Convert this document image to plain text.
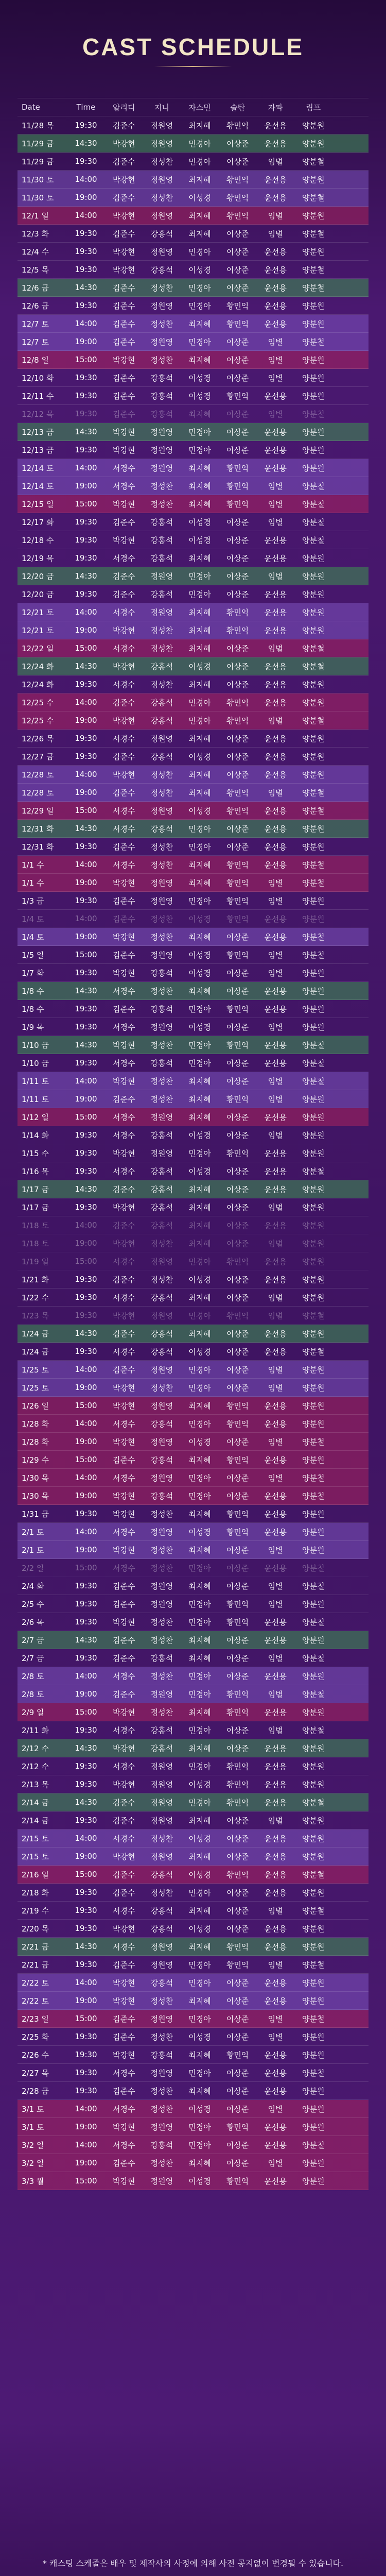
CAST SCHEDULE
Date	Time	알리디	지니	자스민	술탄	자파	림프
11/28 목	19:30	김준수	정원영	최지혜	황민익	윤선용	양분원
11/29 금	14:30	박강현	정원영	민경아	이상준	윤선용	양분원
11/29 금	19:30	김준수	정성찬	민경아	이상준	임별	양분철
11/30 토	14:00	박강현	정원영	최지혜	황민익	윤선용	양분원
11/30 토	19:00	김준수	정성찬	이성경	황민익	윤선용	양분철
12/1 일	14:00	박강현	정원영	최지혜	황민익	임별	양분원
12/3 화	19:30	김준수	강홍석	최지혜	이상준	임별	양분철
12/4 수	19:30	박강현	정원영	민경아	이상준	윤선용	양분원
12/5 목	19:30	박강현	강홍석	이성경	이상준	윤선용	양분철
12/6 금	14:30	김준수	정성찬	민경아	이상준	윤선용	양분철
12/6 금	19:30	김준수	정원영	민경아	황민익	윤선용	양분원
12/7 토	14:00	김준수	정성찬	최지혜	황민익	윤선용	양분원
12/7 토	19:00	김준수	정원영	민경아	이상준	임별	양분철
12/8 일	15:00	박강현	정성찬	최지혜	이상준	임별	양분원
12/10 화	19:30	김준수	강홍석	이성경	이상준	임별	양분원
12/11 수	19:30	김준수	강홍석	이성경	황민익	윤선용	양분원
12/12 목	19:30	김준수	강홍석	최지혜	이상준	임별	양분철
12/13 금	14:30	박강현	정원영	민경아	이상준	윤선용	양분원
12/13 금	19:30	박강현	정원영	민경아	이상준	윤선용	양분원
12/14 토	14:00	서경수	정원영	최지혜	황민익	윤선용	양분원
12/14 토	19:00	서경수	정성찬	최지혜	황민익	임별	양분철
12/15 일	15:00	박강현	정성찬	최지혜	황민익	임별	양분철
12/17 화	19:30	김준수	강홍석	이성경	이상준	임별	양분철
12/18 수	19:30	박강현	강홍석	이성경	이상준	윤선용	양분철
12/19 목	19:30	서경수	강홍석	최지혜	이상준	윤선용	양분원
12/20 금	14:30	김준수	정원영	민경아	이상준	임별	양분원
12/20 금	19:30	김준수	강홍석	민경아	이상준	윤선용	양분원
12/21 토	14:00	서경수	정원영	최지혜	황민익	윤선용	양분원
12/21 토	19:00	박강현	정성찬	최지혜	황민익	윤선용	양분원
12/22 일	15:00	서경수	정성찬	최지혜	이상준	임별	양분철
12/24 화	14:30	박강현	강홍석	이성경	이상준	윤선용	양분철
12/24 화	19:30	서경수	정성찬	최지혜	이상준	윤선용	양분원
12/25 수	14:00	김준수	강홍석	민경아	황민익	윤선용	양분원
12/25 수	19:00	박강현	강홍석	민경아	황민익	임별	양분철
12/26 목	19:30	서경수	정원영	최지혜	이상준	윤선용	양분원
12/27 금	19:30	김준수	강홍석	이성경	이상준	윤선용	양분원
12/28 토	14:00	박강현	정성찬	최지혜	이상준	윤선용	양분원
12/28 토	19:00	김준수	정성찬	최지혜	황민익	임별	양분철
12/29 일	15:00	서경수	정원영	이성경	황민익	윤선용	양분철
12/31 화	14:30	서경수	강홍석	민경아	이상준	윤선용	양분원
12/31 화	19:30	김준수	정성찬	민경아	이상준	윤선용	양분원
1/1 수	14:00	서경수	정성찬	최지혜	황민익	윤선용	양분철
1/1 수	19:00	박강현	정원영	최지혜	황민익	임별	양분철
1/3 금	19:30	김준수	정원영	민경아	황민익	임별	양분원
1/4 토	14:00	김준수	정성찬	이성경	황민익	윤선용	양분원
1/4 토	19:00	박강현	정성찬	최지혜	이상준	윤선용	양분철
1/5 일	15:00	김준수	정원영	이성경	황민익	임별	양분철
1/7 화	19:30	박강현	강홍석	이성경	이상준	임별	양분원
1/8 수	14:30	서경수	정성찬	최지혜	이상준	윤선용	양분원
1/8 수	19:30	김준수	강홍석	민경아	황민익	윤선용	양분원
1/9 목	19:30	서경수	정원영	이성경	이상준	임별	양분원
1/10 금	14:30	박강현	정성찬	민경아	황민익	윤선용	양분철
1/10 금	19:30	서경수	강홍석	민경아	이상준	윤선용	양분철
1/11 토	14:00	박강현	정성찬	최지혜	이상준	임별	양분철
1/11 토	19:00	김준수	정성찬	최지혜	황민익	임별	양분원
1/12 일	15:00	서경수	정원영	최지혜	이상준	윤선용	양분원
1/14 화	19:30	서경수	강홍석	이성경	이상준	임별	양분원
1/15 수	19:30	박강현	정원영	민경아	황민익	윤선용	양분원
1/16 목	19:30	서경수	강홍석	이성경	이상준	윤선용	양분철
1/17 금	14:30	김준수	강홍석	최지혜	이상준	윤선용	양분원
1/17 금	19:30	박강현	강홍석	최지혜	이상준	임별	양분원
1/18 토	14:00	김준수	강홍석	최지혜	이상준	윤선용	양분원
1/18 토	19:00	박강현	정성찬	최지혜	이상준	임별	양분원
1/19 일	15:00	서경수	정원영	민경아	황민익	윤선용	양분원
1/21 화	19:30	김준수	정성찬	이성경	이상준	윤선용	양분원
1/22 수	19:30	서경수	강홍석	최지혜	이상준	임별	양분원
1/23 목	19:30	박강현	정원영	민경아	황민익	임별	양분철
1/24 금	14:30	김준수	강홍석	최지혜	이상준	윤선용	양분원
1/24 금	19:30	서경수	강홍석	이성경	이상준	윤선용	양분철
1/25 토	14:00	김준수	정원영	민경아	이상준	임별	양분원
1/25 토	19:00	박강현	정성찬	민경아	이상준	임별	양분원
1/26 일	15:00	박강현	정원영	최지혜	황민익	윤선용	양분원
1/28 화	14:00	서경수	강홍석	민경아	황민익	윤선용	양분원
1/28 화	19:00	박강현	정원영	이성경	이상준	임별	양분철
1/29 수	15:00	김준수	강홍석	최지혜	황민익	윤선용	양분원
1/30 목	14:00	서경수	정원영	민경아	이상준	임별	양분철
1/30 목	19:00	박강현	강홍석	민경아	이상준	윤선용	양분철
1/31 금	19:30	박강현	정성찬	최지혜	황민익	윤선용	양분원
2/1 토	14:00	서경수	정원영	이성경	황민익	윤선용	양분원
2/1 토	19:00	박강현	정성찬	최지혜	이상준	임별	양분원
2/2 일	15:00	서경수	정성찬	민경아	이상준	윤선용	양분철
2/4 화	19:30	김준수	정원영	최지혜	이상준	임별	양분철
2/5 수	19:30	김준수	정원영	민경아	황민익	임별	양분원
2/6 목	19:30	박강현	정성찬	민경아	황민익	윤선용	양분철
2/7 금	14:30	김준수	정성찬	최지혜	이상준	윤선용	양분원
2/7 금	19:30	김준수	강홍석	최지혜	이상준	임별	양분철
2/8 토	14:00	서경수	정성찬	민경아	이상준	윤선용	양분원
2/8 토	19:00	김준수	정원영	민경아	황민익	임별	양분철
2/9 일	15:00	박강현	정성찬	최지혜	황민익	윤선용	양분원
2/11 화	19:30	서경수	강홍석	민경아	이상준	임별	양분철
2/12 수	14:30	박강현	강홍석	최지혜	이상준	윤선용	양분원
2/12 수	19:30	서경수	정원영	민경아	황민익	윤선용	양분원
2/13 목	19:30	박강현	정원영	이성경	황민익	윤선용	양분원
2/14 금	14:30	김준수	정원영	민경아	황민익	윤선용	양분철
2/14 금	19:30	김준수	정원영	최지혜	이상준	임별	양분원
2/15 토	14:00	서경수	정성찬	이성경	이상준	윤선용	양분원
2/15 토	19:00	박강현	정원영	최지혜	이상준	윤선용	양분원
2/16 일	15:00	김준수	강홍석	이성경	황민익	윤선용	양분철
2/18 화	19:30	김준수	정성찬	민경아	이상준	윤선용	양분원
2/19 수	19:30	서경수	강홍석	최지혜	이상준	임별	양분철
2/20 목	19:30	박강현	강홍석	이성경	이상준	윤선용	양분원
2/21 금	14:30	서경수	정원영	최지혜	황민익	윤선용	양분원
2/21 금	19:30	김준수	정원영	민경아	황민익	임별	양분철
2/22 토	14:00	박강현	강홍석	민경아	이상준	윤선용	양분원
2/22 토	19:00	박강현	정성찬	최지혜	이상준	윤선용	양분원
2/23 일	15:00	김준수	정원영	민경아	이상준	임별	양분철
2/25 화	19:30	김준수	정성찬	이성경	이상준	임별	양분원
2/26 수	19:30	박강현	강홍석	최지혜	황민익	윤선용	양분원
2/27 목	19:30	서경수	정원영	민경아	이상준	윤선용	양분철
2/28 금	19:30	김준수	정성찬	최지혜	이상준	윤선용	양분원
3/1 토	14:00	서경수	정성찬	이성경	이상준	임별	양분원
3/1 토	19:00	박강현	정원영	민경아	황민익	윤선용	양분원
3/2 일	14:00	서경수	강홍석	민경아	이상준	윤선용	양분철
3/2 일	19:00	김준수	정성찬	최지혜	이상준	임별	양분원
3/3 월	15:00	박강현	정원영	이성경	황민익	윤선용	양분원

* 캐스팅 스케줄은 배우 및 제작사의 사정에 의해 사전 공지없이 변경될 수 있습니다.
